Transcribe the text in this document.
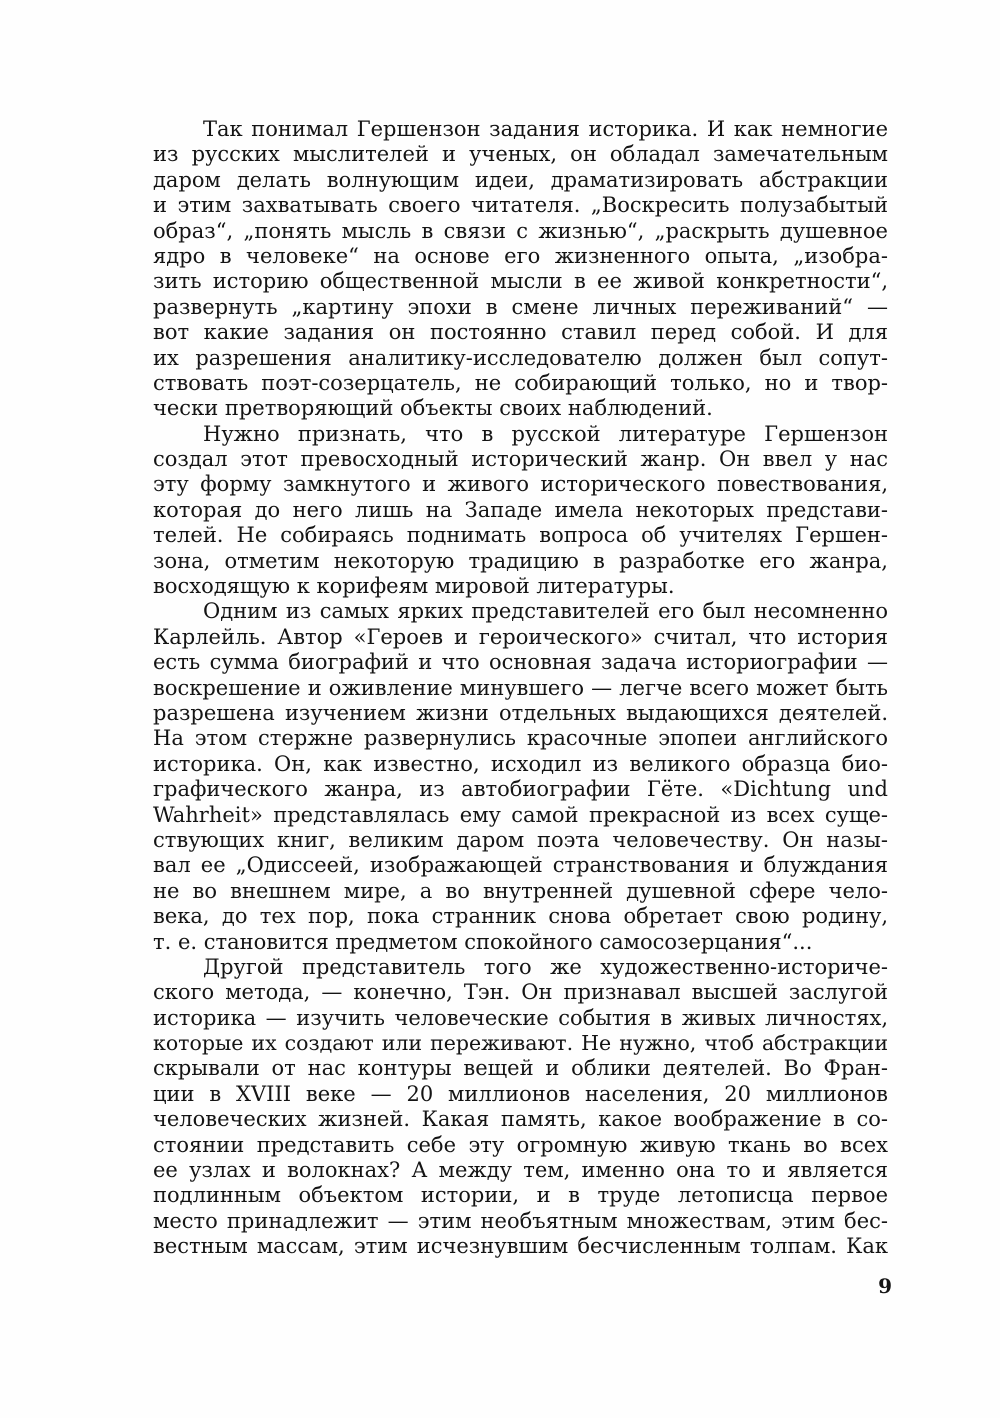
Так понимал Гершензон задания историка. И как немногие
из русских мыслителей и ученых, он обладал замечательным
даром делать волнующим идеи, драматизировать абстракции
и этим захватывать своего читателя. „Воскресить полузабытый
образ“, „понять мысль в связи с жизнью“, „раскрыть душевное
ядро в человеке“ на основе его жизненного опыта, „изобра-
зить историю общественной мысли в ее живой конкретности“,
развернуть „картину эпохи в смене личных переживаний“ —
вот какие задания он постоянно ставил перед собой. И для
их разрешения аналитику-исследователю должен был сопут-
ствовать поэт-созерцатель, не собирающий только, но и твор-
чески претворяющий объекты своих наблюдений.
Нужно признать, что в русской литературе Гершензон
создал этот превосходный исторический жанр. Он ввел у нас
эту форму замкнутого и живого исторического повествования,
которая до него лишь на Западе имела некоторых представи-
телей. Не собираясь поднимать вопроса об учителях Гершен-
зона, отметим некоторую традицию в разработке его жанра,
восходящую к корифеям мировой литературы.
Одним из самых ярких представителей его был несомненно
Карлейль. Автор «Героев и героического» считал, что история
есть сумма биографий и что основная задача историографии —
воскрешение и оживление минувшего — легче всего может быть
разрешена изучением жизни отдельных выдающихся деятелей.
На этом стержне развернулись красочные эпопеи английского
историка. Он, как известно, исходил из великого образца био-
графического жанра, из автобиографии Гёте. «Dichtung und
Wahrheit» представлялась ему самой прекрасной из всех суще-
ствующих книг, великим даром поэта человечеству. Он назы-
вал ее „Одиссеей, изображающей странствования и блуждания
не во внешнем мире, а во внутренней душевной сфере чело-
века, до тех пор, пока странник снова обретает свою родину,
т. е. становится предметом спокойного самосозерцания“...
Другой представитель того же художественно-историче-
ского метода, — конечно, Тэн. Он признавал высшей заслугой
историка — изучить человеческие события в живых личностях,
которые их создают или переживают. Не нужно, чтоб абстракции
скрывали от нас контуры вещей и облики деятелей. Во Фран-
ции в XVIII веке — 20 миллионов населения, 20 миллионов
человеческих жизней. Какая память, какое воображение в со-
стоянии представить себе эту огромную живую ткань во всех
ее узлах и волокнах? А между тем, именно она то и является
подлинным объектом истории, и в труде летописца первое
место принадлежит — этим необъятным множествам, этим бес-
вестным массам, этим исчезнувшим бесчисленным толпам. Как
9
